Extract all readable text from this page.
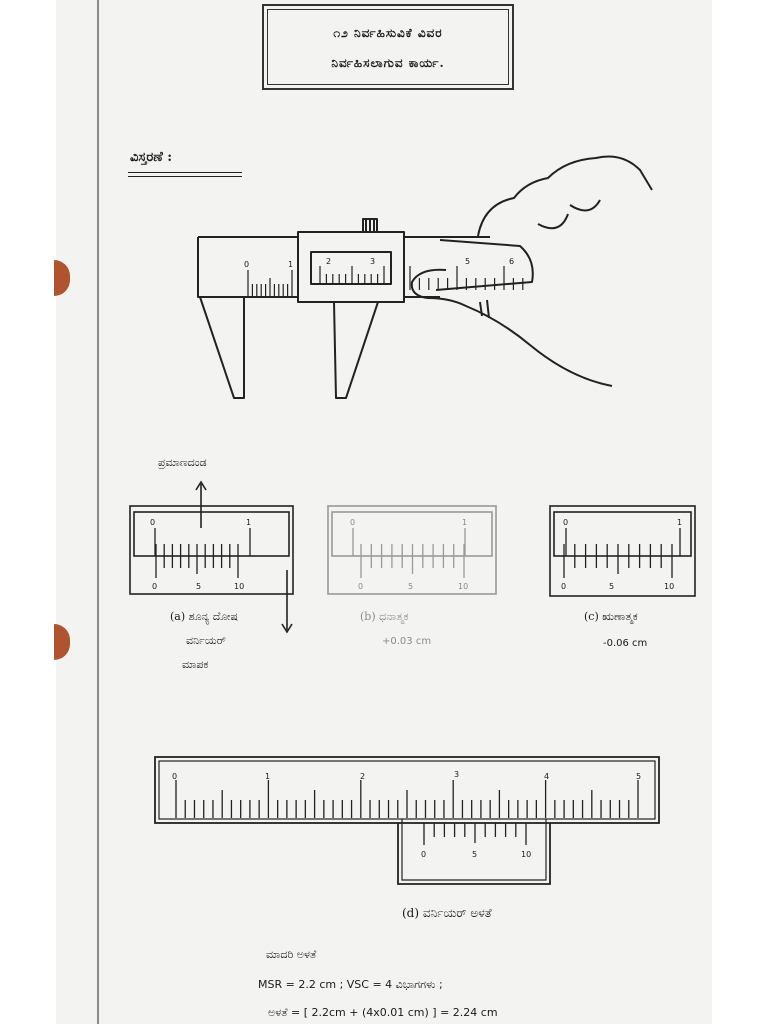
೧೨ ನಿರ್ವಹಿಸುವಿಕೆ ವಿವರ
ನಿರ್ವಹಿಸಲಾಗುವ ಕಾರ್ಯ.
ವಿಸ್ತರಣೆ :
0	1	2	3	5	6
ಪ್ರಮಾಣದಂಡ
0	1
0	5	10
0	1
0	5	10
0	1
0	5	10
(a) ಶೂನ್ಯ ದೋಷ
ವರ್ನಿಯರ್
ಮಾಪಕ
(b) ಧನಾತ್ಮಕ
+0.03 cm
(c) ಋಣಾತ್ಮಕ
-0.06 cm
0	1	2	3	4	5
0	5	10
(d) ವರ್ನಿಯರ್ ಅಳತೆ
ಮಾದರಿ ಅಳತೆ
MSR = 2.2 cm ; VSC = 4 ವಿಭಾಗಗಳು ;
ಅಳತೆ = [ 2.2cm + (4x0.01 cm) ] = 2.24 cm
